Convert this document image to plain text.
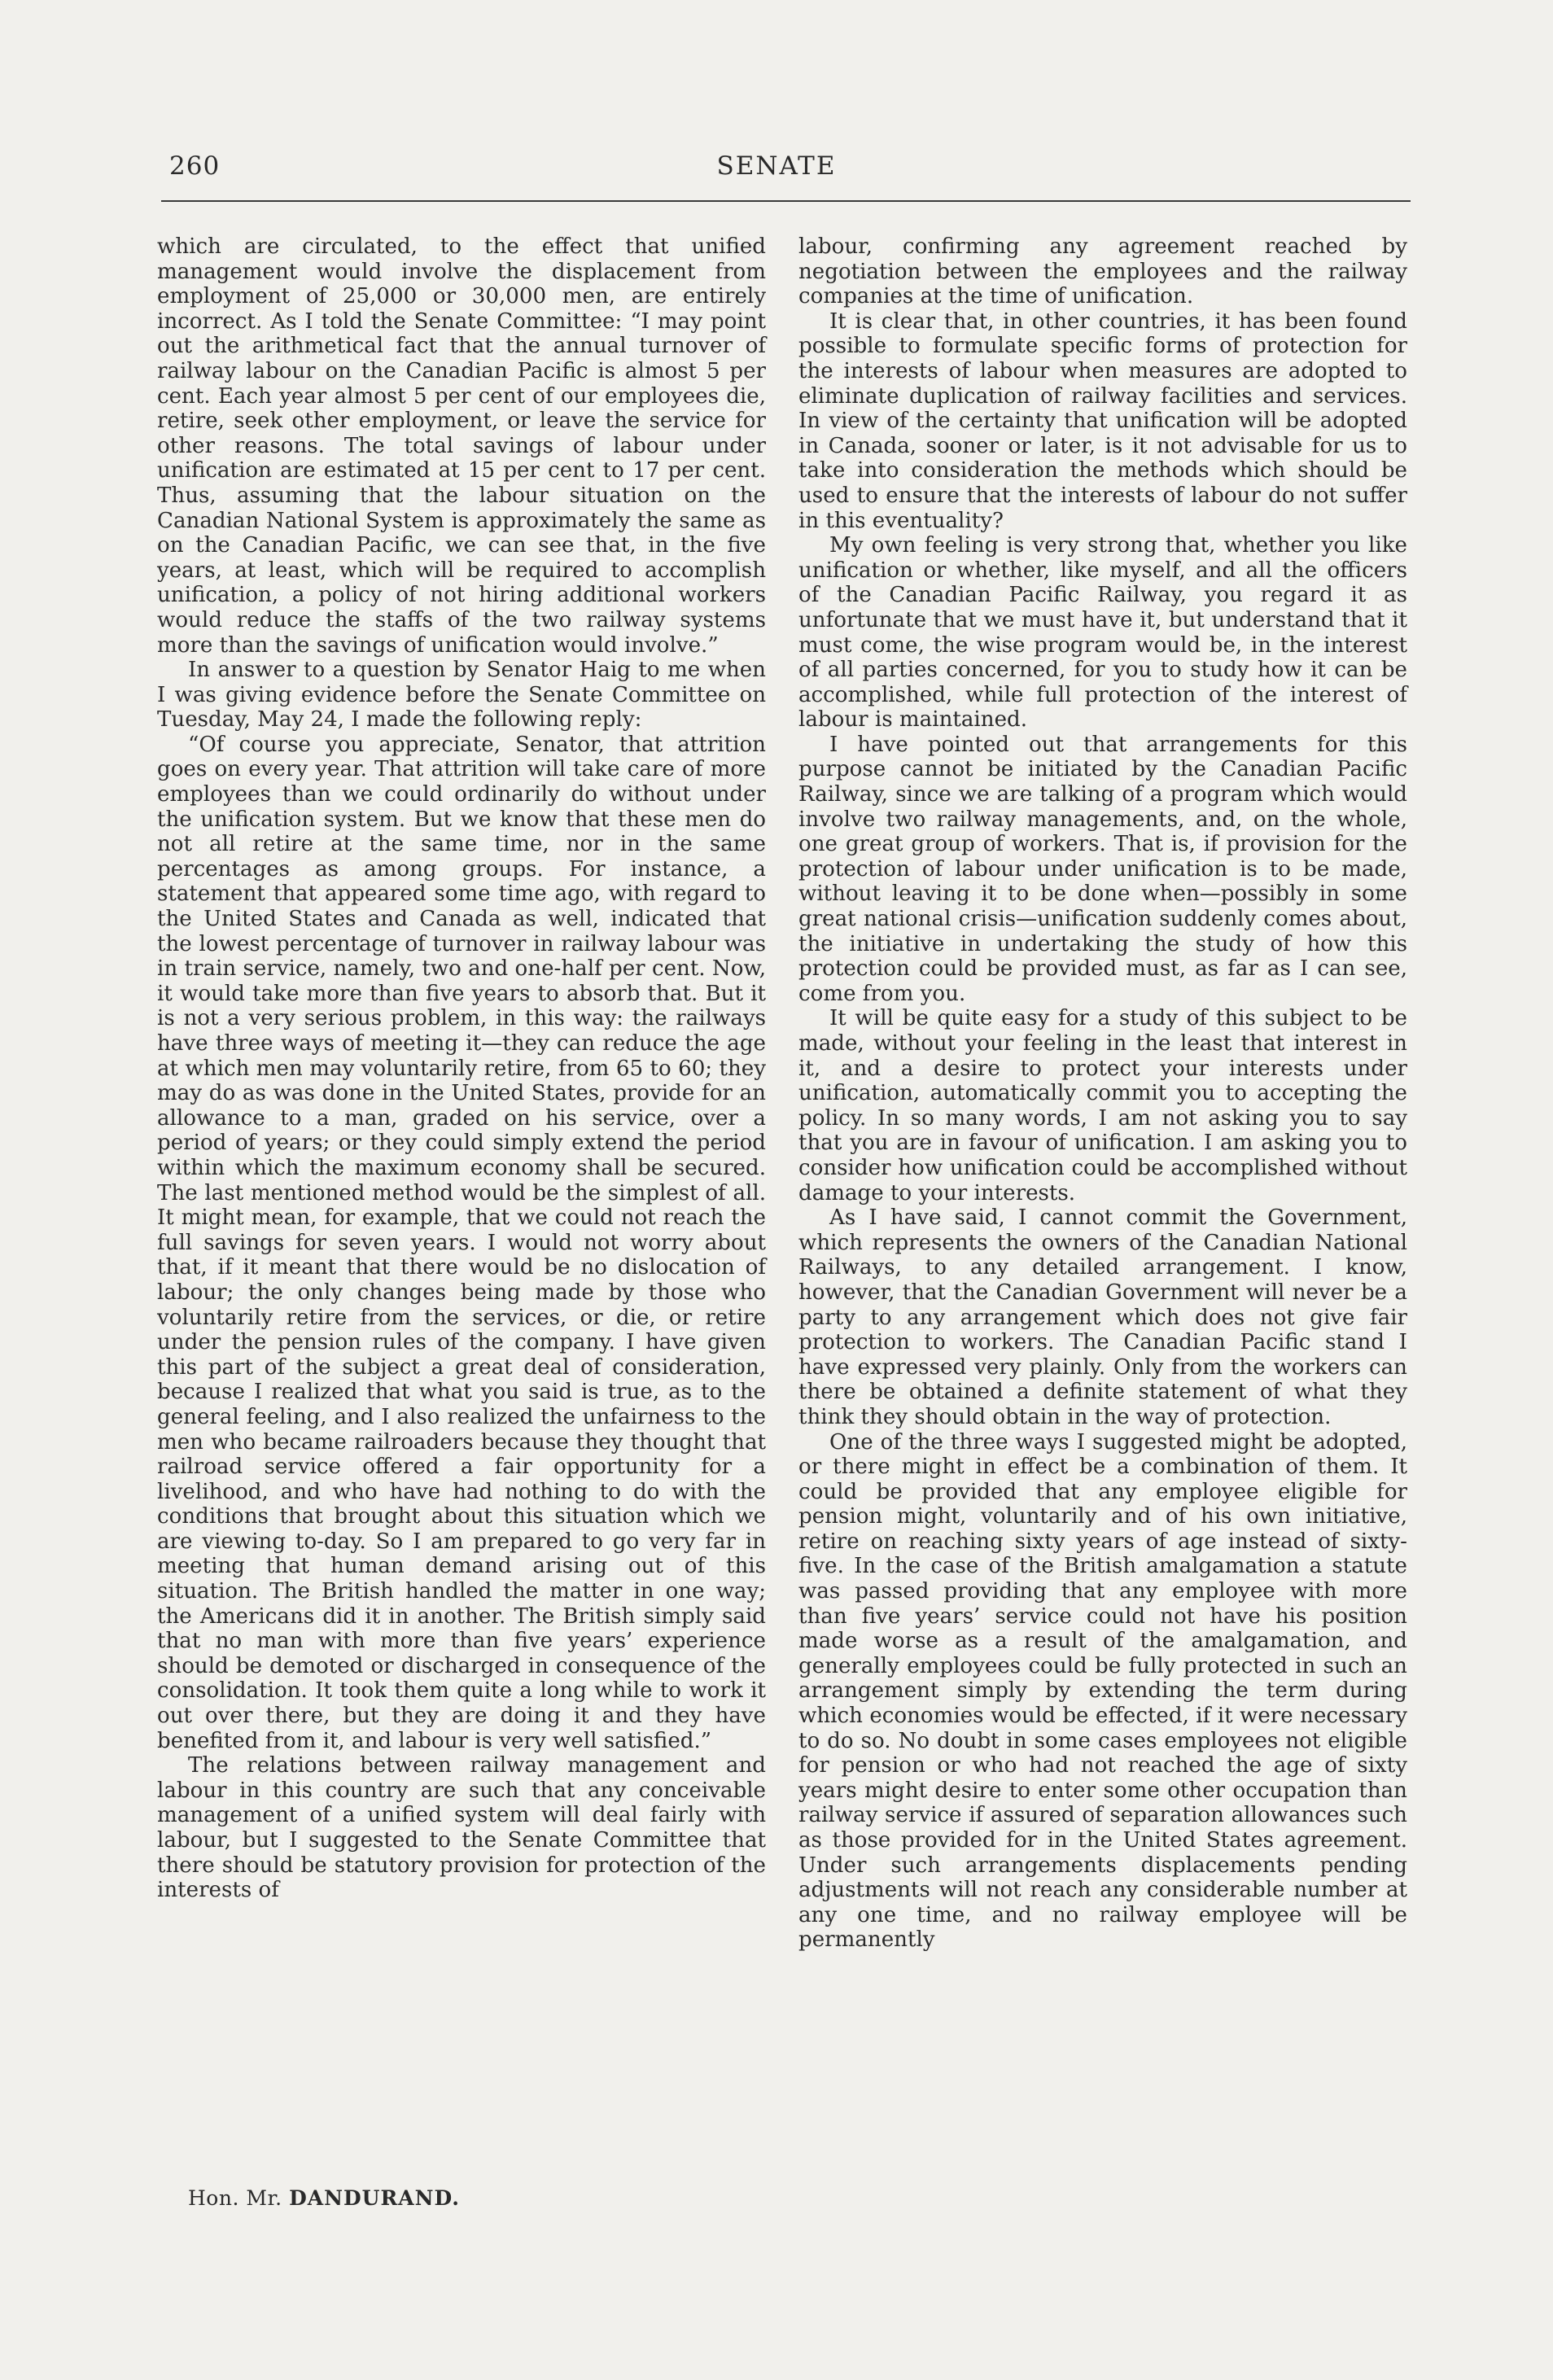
260	SENATE

which are circulated, to the effect that unified management would involve the displacement from employment of 25,000 or 30,000 men, are entirely incorrect. As I told the Senate Committee: “I may point out the arithmetical fact that the annual turnover of railway labour on the Canadian Pacific is almost 5 per cent. Each year almost 5 per cent of our employees die, retire, seek other employment, or leave the service for other reasons. The total savings of labour under unification are estimated at 15 per cent to 17 per cent. Thus, assuming that the labour situation on the Canadian National System is approximately the same as on the Canadian Pacific, we can see that, in the five years, at least, which will be required to accomplish unification, a policy of not hiring additional workers would reduce the staffs of the two railway systems more than the savings of unification would involve.”

In answer to a question by Senator Haig to me when I was giving evidence before the Senate Committee on Tuesday, May 24, I made the following reply:

“Of course you appreciate, Senator, that attrition goes on every year. That attrition will take care of more employees than we could ordinarily do without under the unification system. But we know that these men do not all retire at the same time, nor in the same percentages as among groups. For instance, a statement that appeared some time ago, with regard to the United States and Canada as well, indicated that the lowest percentage of turnover in railway labour was in train service, namely, two and one-half per cent. Now, it would take more than five years to absorb that. But it is not a very serious problem, in this way: the railways have three ways of meeting it—they can reduce the age at which men may voluntarily retire, from 65 to 60; they may do as was done in the United States, provide for an allowance to a man, graded on his service, over a period of years; or they could simply extend the period within which the maximum economy shall be secured. The last mentioned method would be the simplest of all. It might mean, for example, that we could not reach the full savings for seven years. I would not worry about that, if it meant that there would be no dislocation of labour; the only changes being made by those who voluntarily retire from the services, or die, or retire under the pension rules of the company. I have given this part of the subject a great deal of consideration, because I realized that what you said is true, as to the general feeling, and I also realized the unfairness to the men who became railroaders because they thought that railroad service offered a fair opportunity for a livelihood, and who have had nothing to do with the conditions that brought about this situation which we are viewing to-day. So I am prepared to go very far in meeting that human demand arising out of this situation. The British handled the matter in one way; the Americans did it in another. The British simply said that no man with more than five years’ experience should be demoted or discharged in consequence of the consolidation. It took them quite a long while to work it out over there, but they are doing it and they have benefited from it, and labour is very well satisfied.”

The relations between railway management and labour in this country are such that any conceivable management of a unified system will deal fairly with labour, but I suggested to the Senate Committee that there should be statutory provision for protection of the interests of

labour, confirming any agreement reached by negotiation between the employees and the railway companies at the time of unification.

It is clear that, in other countries, it has been found possible to formulate specific forms of protection for the interests of labour when measures are adopted to eliminate duplication of railway facilities and services. In view of the certainty that unification will be adopted in Canada, sooner or later, is it not advisable for us to take into consideration the methods which should be used to ensure that the interests of labour do not suffer in this eventuality?

My own feeling is very strong that, whether you like unification or whether, like myself, and all the officers of the Canadian Pacific Railway, you regard it as unfortunate that we must have it, but understand that it must come, the wise program would be, in the interest of all parties concerned, for you to study how it can be accomplished, while full protection of the interest of labour is maintained.

I have pointed out that arrangements for this purpose cannot be initiated by the Canadian Pacific Railway, since we are talking of a program which would involve two railway managements, and, on the whole, one great group of workers. That is, if provision for the protection of labour under unification is to be made, without leaving it to be done when—possibly in some great national crisis—unification suddenly comes about, the initiative in undertaking the study of how this protection could be provided must, as far as I can see, come from you.

It will be quite easy for a study of this subject to be made, without your feeling in the least that interest in it, and a desire to protect your interests under unification, automatically commit you to accepting the policy. In so many words, I am not asking you to say that you are in favour of unification. I am asking you to consider how unification could be accomplished without damage to your interests.

As I have said, I cannot commit the Government, which represents the owners of the Canadian National Railways, to any detailed arrangement. I know, however, that the Canadian Government will never be a party to any arrangement which does not give fair protection to workers. The Canadian Pacific stand I have expressed very plainly. Only from the workers can there be obtained a definite statement of what they think they should obtain in the way of protection.

One of the three ways I suggested might be adopted, or there might in effect be a combination of them. It could be provided that any employee eligible for pension might, voluntarily and of his own initiative, retire on reaching sixty years of age instead of sixty-five. In the case of the British amalgamation a statute was passed providing that any employee with more than five years’ service could not have his position made worse as a result of the amalgamation, and generally employees could be fully protected in such an arrangement simply by extending the term during which economies would be effected, if it were necessary to do so. No doubt in some cases employees not eligible for pension or who had not reached the age of sixty years might desire to enter some other occupation than railway service if assured of separation allowances such as those provided for in the United States agreement. Under such arrangements displacements pending adjustments will not reach any considerable number at any one time, and no railway employee will be permanently

Hon. Mr. DANDURAND.
